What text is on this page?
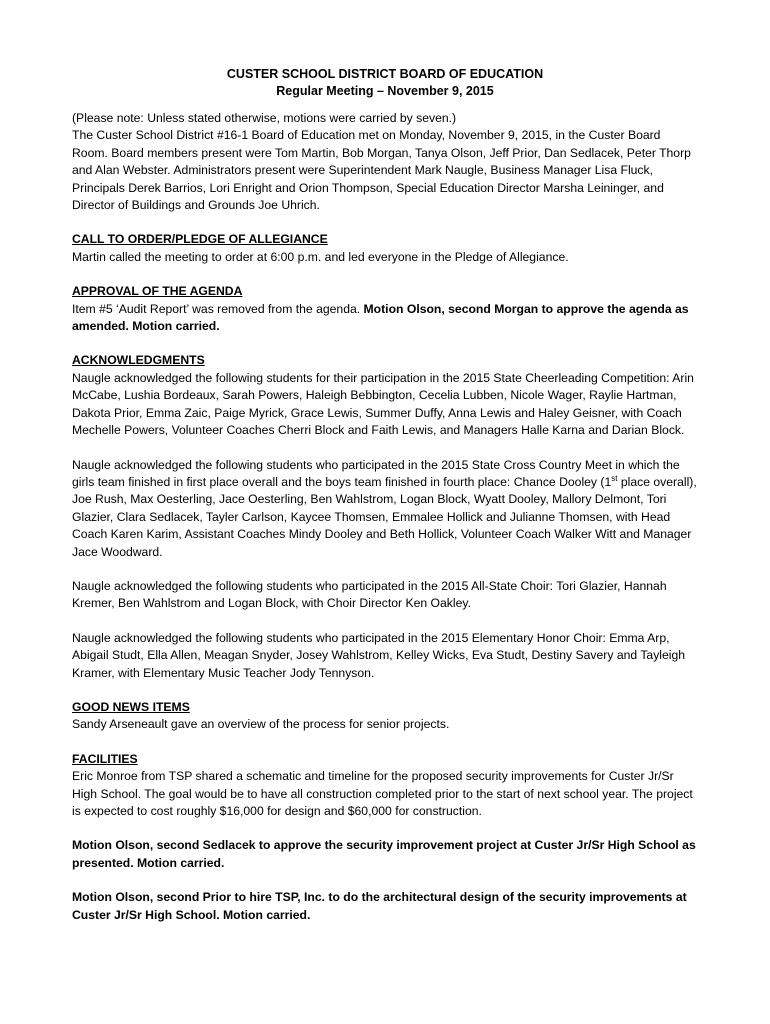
CUSTER SCHOOL DISTRICT BOARD OF EDUCATION
Regular Meeting – November 9, 2015
(Please note: Unless stated otherwise, motions were carried by seven.)

The Custer School District #16-1 Board of Education met on Monday, November 9, 2015, in the Custer Board Room. Board members present were Tom Martin, Bob Morgan, Tanya Olson, Jeff Prior, Dan Sedlacek, Peter Thorp and Alan Webster. Administrators present were Superintendent Mark Naugle, Business Manager Lisa Fluck, Principals Derek Barrios, Lori Enright and Orion Thompson, Special Education Director Marsha Leininger, and Director of Buildings and Grounds Joe Uhrich.

CALL TO ORDER/PLEDGE OF ALLEGIANCE

Martin called the meeting to order at 6:00 p.m. and led everyone in the Pledge of Allegiance.

APPROVAL OF THE AGENDA

Item #5 ‘Audit Report’ was removed from the agenda. Motion Olson, second Morgan to approve the agenda as amended. Motion carried.

ACKNOWLEDGMENTS

Naugle acknowledged the following students for their participation in the 2015 State Cheerleading Competition: Arin McCabe, Lushia Bordeaux, Sarah Powers, Haleigh Bebbington, Cecelia Lubben, Nicole Wager, Raylie Hartman, Dakota Prior, Emma Zaic, Paige Myrick, Grace Lewis, Summer Duffy, Anna Lewis and Haley Geisner, with Coach Mechelle Powers, Volunteer Coaches Cherri Block and Faith Lewis, and Managers Halle Karna and Darian Block.

Naugle acknowledged the following students who participated in the 2015 State Cross Country Meet in which the girls team finished in first place overall and the boys team finished in fourth place: Chance Dooley (1st place overall), Joe Rush, Max Oesterling, Jace Oesterling, Ben Wahlstrom, Logan Block, Wyatt Dooley, Mallory Delmont, Tori Glazier, Clara Sedlacek, Tayler Carlson, Kaycee Thomsen, Emmalee Hollick and Julianne Thomsen, with Head Coach Karen Karim, Assistant Coaches Mindy Dooley and Beth Hollick, Volunteer Coach Walker Witt and Manager Jace Woodward.

Naugle acknowledged the following students who participated in the 2015 All-State Choir: Tori Glazier, Hannah Kremer, Ben Wahlstrom and Logan Block, with Choir Director Ken Oakley.

Naugle acknowledged the following students who participated in the 2015 Elementary Honor Choir: Emma Arp, Abigail Studt, Ella Allen, Meagan Snyder, Josey Wahlstrom, Kelley Wicks, Eva Studt, Destiny Savery and Tayleigh Kramer, with Elementary Music Teacher Jody Tennyson.

GOOD NEWS ITEMS

Sandy Arseneault gave an overview of the process for senior projects.

FACILITIES

Eric Monroe from TSP shared a schematic and timeline for the proposed security improvements for Custer Jr/Sr High School. The goal would be to have all construction completed prior to the start of next school year. The project is expected to cost roughly $16,000 for design and $60,000 for construction.

Motion Olson, second Sedlacek to approve the security improvement project at Custer Jr/Sr High School as presented. Motion carried.

Motion Olson, second Prior to hire TSP, Inc. to do the architectural design of the security improvements at Custer Jr/Sr High School. Motion carried.
